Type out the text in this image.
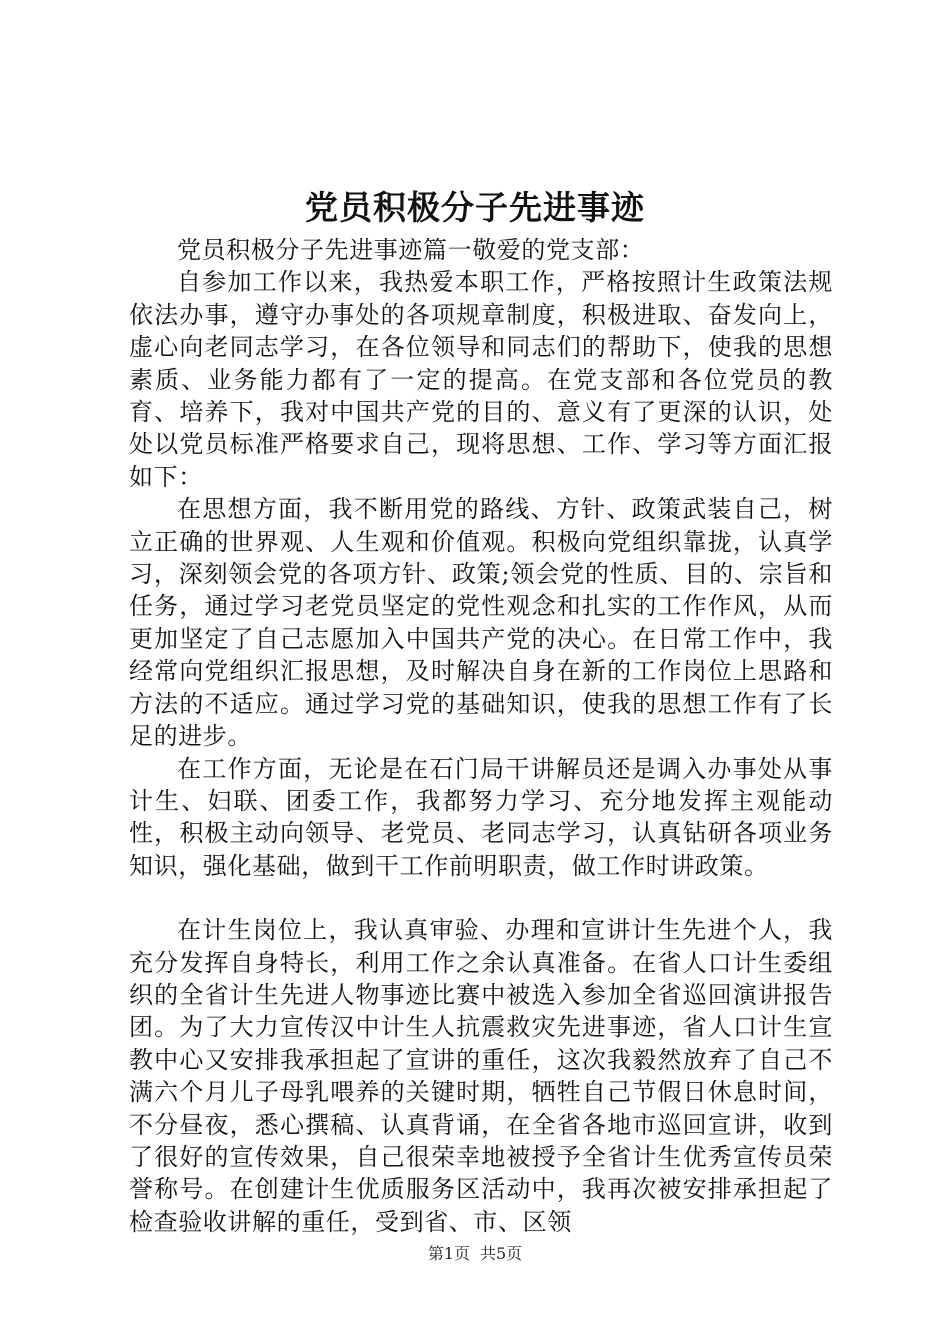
党员积极分子先进事迹

党员积极分子先进事迹篇一敬爱的党支部：

自参加工作以来，我热爱本职工作，严格按照计生政策法规依法办事，遵守办事处的各项规章制度，积极进取、奋发向上，虚心向老同志学习，在各位领导和同志们的帮助下，使我的思想素质、业务能力都有了一定的提高。在党支部和各位党员的教育、培养下，我对中国共产党的目的、意义有了更深的认识，处处以党员标准严格要求自己，现将思想、工作、学习等方面汇报如下：

在思想方面，我不断用党的路线、方针、政策武装自己，树立正确的世界观、人生观和价值观。积极向党组织靠拢，认真学习，深刻领会党的各项方针、政策;领会党的性质、目的、宗旨和任务，通过学习老党员坚定的党性观念和扎实的工作作风，从而更加坚定了自己志愿加入中国共产党的决心。在日常工作中，我经常向党组织汇报思想，及时解决自身在新的工作岗位上思路和方法的不适应。通过学习党的基础知识，使我的思想工作有了长足的进步。

在工作方面，无论是在石门局干讲解员还是调入办事处从事计生、妇联、团委工作，我都努力学习、充分地发挥主观能动性，积极主动向领导、老党员、老同志学习，认真钻研各项业务知识，强化基础，做到干工作前明职责，做工作时讲政策。

在计生岗位上，我认真审验、办理和宣讲计生先进个人，我充分发挥自身特长，利用工作之余认真准备。在省人口计生委组织的全省计生先进人物事迹比赛中被选入参加全省巡回演讲报告团。为了大力宣传汉中计生人抗震救灾先进事迹，省人口计生宣教中心又安排我承担起了宣讲的重任，这次我毅然放弃了自己不满六个月儿子母乳喂养的关键时期，牺牲自己节假日休息时间，不分昼夜，悉心撰稿、认真背诵，在全省各地市巡回宣讲，收到了很好的宣传效果，自己很荣幸地被授予全省计生优秀宣传员荣誉称号。在创建计生优质服务区活动中，我再次被安排承担起了检查验收讲解的重任，受到省、市、区领

第1页 共5页
